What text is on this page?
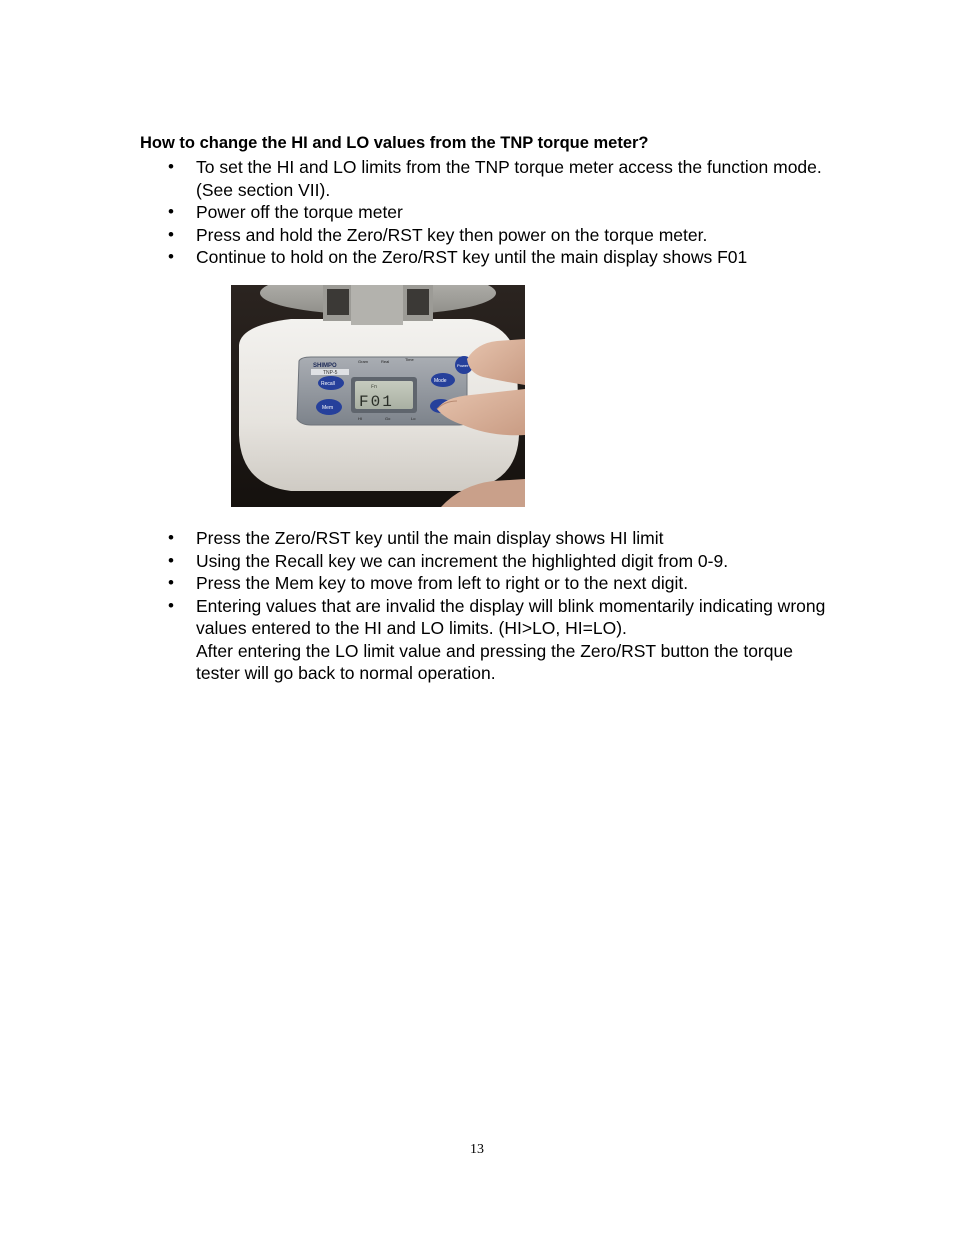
How to change the HI and LO values from the TNP torque meter?
• To set the HI and LO limits from the TNP torque meter access the function mode. (See section VII).
• Power off the torque meter
• Press and hold the Zero/RST key then power on the torque meter.
• Continue to hold on the Zero/RST key until the main display shows F01
SHIMPO
TNP-5
Gram	Real	Time
Fn
F01
Recall
Mem
Mode
Power
HI	Go	Lo
• Press the Zero/RST key until the main display shows HI limit
• Using the Recall key we can increment the highlighted digit from 0-9.
• Press the Mem key to move from left to right or to the next digit.
• Entering values that are invalid the display will blink momentarily indicating wrong values entered to the HI and LO limits. (HI>LO, HI=LO).
After entering the LO limit value and pressing the Zero/RST button the torque tester will go back to normal operation.
13
